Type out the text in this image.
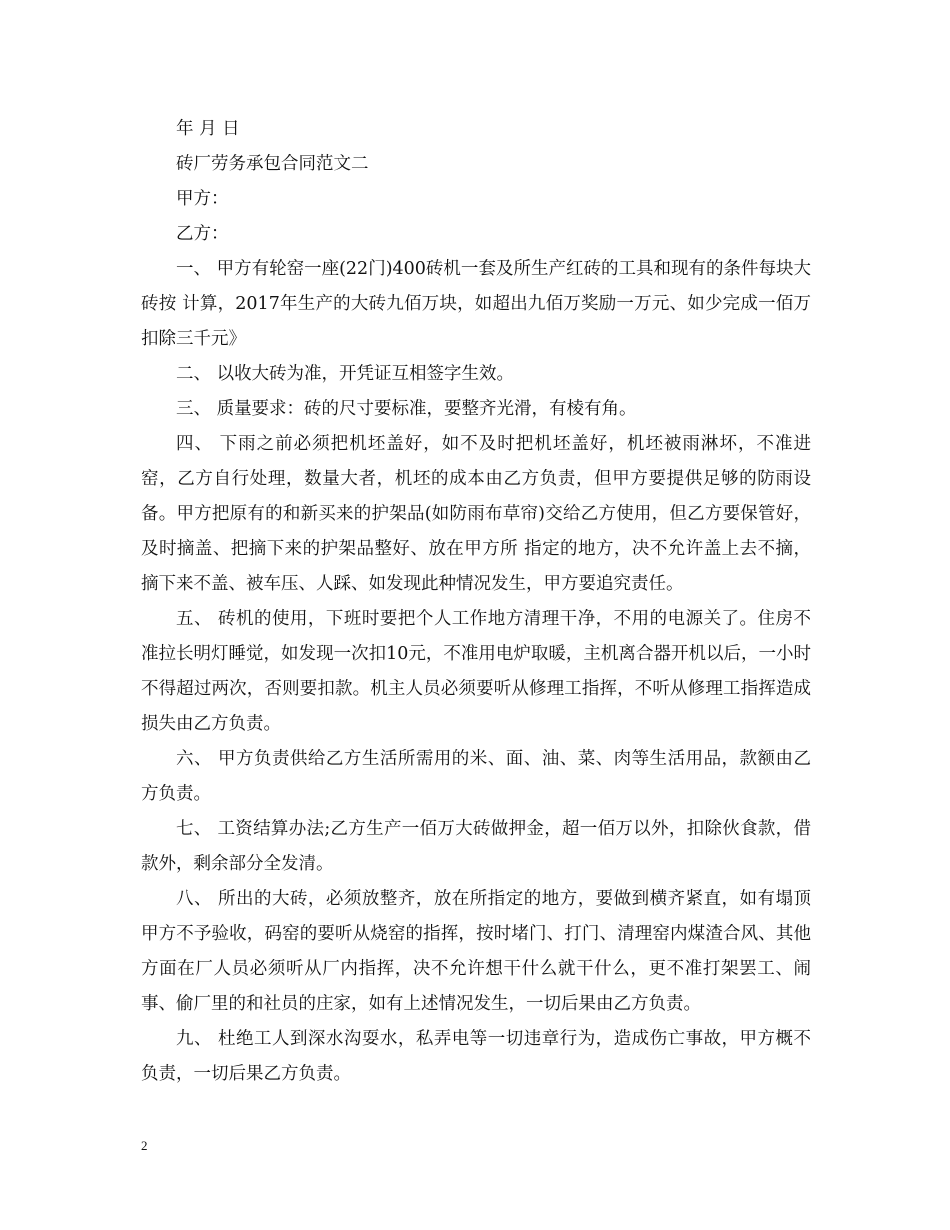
年 月 日

砖厂劳务承包合同范文二

甲方：

乙方：

一、 甲方有轮窑一座(22门)400砖机一套及所生产红砖的工具和现有的条件每块大砖按 计算，2017年生产的大砖九佰万块，如超出九佰万奖励一万元、如少完成一佰万扣除三千元》

二、 以收大砖为准，开凭证互相签字生效。

三、 质量要求：砖的尺寸要标准，要整齐光滑，有棱有角。

四、 下雨之前必须把机坯盖好，如不及时把机坯盖好，机坯被雨淋坏，不准进窑，乙方自行处理，数量大者，机坯的成本由乙方负责，但甲方要提供足够的防雨设备。甲方把原有的和新买来的护架品(如防雨布草帘)交给乙方使用，但乙方要保管好，及时摘盖、把摘下来的护架品整好、放在甲方所 指定的地方，决不允许盖上去不摘，摘下来不盖、被车压、人踩、如发现此种情况发生，甲方要追究责任。

五、 砖机的使用，下班时要把个人工作地方清理干净，不用的电源关了。住房不准拉长明灯睡觉，如发现一次扣10元，不准用电炉取暖，主机离合器开机以后，一小时不得超过两次，否则要扣款。机主人员必须要听从修理工指挥，不听从修理工指挥造成损失由乙方负责。

六、 甲方负责供给乙方生活所需用的米、面、油、菜、肉等生活用品，款额由乙方负责。

七、 工资结算办法;乙方生产一佰万大砖做押金，超一佰万以外，扣除伙食款，借款外，剩余部分全发清。

八、 所出的大砖，必须放整齐，放在所指定的地方，要做到横齐紧直，如有塌顶甲方不予验收，码窑的要听从烧窑的指挥，按时堵门、打门、清理窑内煤渣合风、其他方面在厂人员必须听从厂内指挥，决不允许想干什么就干什么，更不准打架罢工、闹事、偷厂里的和社员的庄家，如有上述情况发生，一切后果由乙方负责。

九、 杜绝工人到深水沟耍水，私弄电等一切违章行为，造成伤亡事故，甲方概不负责，一切后果乙方负责。

2
